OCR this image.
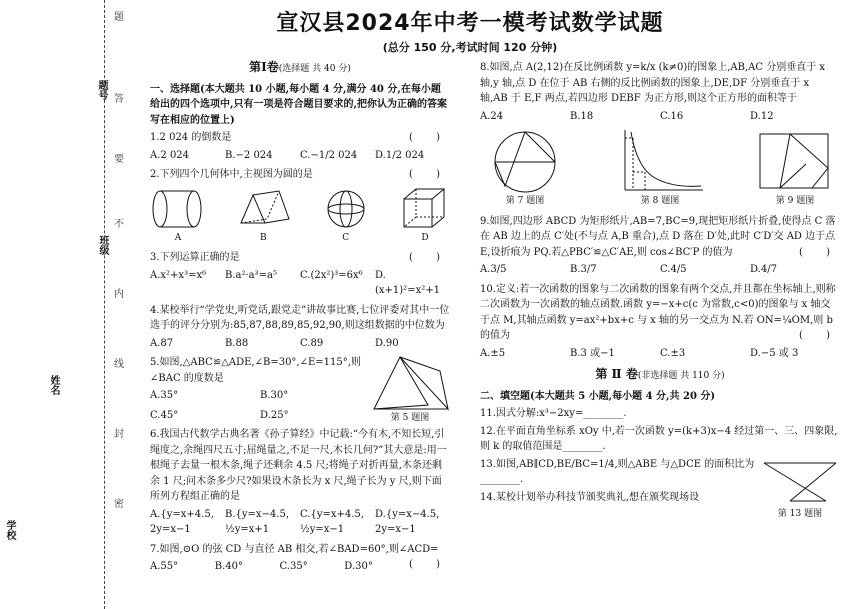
学校
姓名
班级
题号
题
答
要
不
内
线
封
密
宣汉县2024年中考一模考试数学试题
(总分 150 分,考试时间 120 分钟)
第Ⅰ卷(选择题 共 40 分)

一、选择题(本大题共 10 小题,每小题 4 分,满分 40 分,在每小题给出的四个选项中,只有一项是符合题目要求的,把你认为正确的答案写在相应的位置上)

1.2 024 的倒数是	( )

A.2 024	B.−2 024	C.−1/2 024	D.1/2 024

2.下列四个几何体中,主视图为圆的是	( )

A	B	C	D

3.下列运算正确的是	( )

A.x²+x³=x⁶	B.a²·a³=a⁵	C.(2x²)³=6x⁶	D.(x+1)²=x²+1

4.某校举行“学党史,听党话,跟党走”讲故事比赛,七位评委对其中一位选手的评分分别为:85,87,88,89,85,92,90,则这组数据的中位数为

A.87	B.88	C.89	D.90

5.如图,△ABC≌△ADE,∠B=30°,∠E=115°,则∠BAC 的度数是

A.35°	B.30°
C.45°	D.25°	第 5 题图

6.我国古代数学古典名著《孙子算经》中记载:“今有木,不知长短,引绳度之,余绳四尺五寸;屈绳量之,不足一尺,木长几何?”其大意是:用一根绳子去量一根木条,绳子还剩余 4.5 尺;将绳子对折再量,木条还剩余 1 尺;问木条多少尺?如果设木条长为 x 尺,绳子长为 y 尺,则下面所列方程组正确的是

A.{y=x+4.5, 2y=x−1
B.{y=x−4.5, ½y=x+1
C.{y=x+4.5, ½y=x−1
D.{y=x−4.5, 2y=x−1

7.如图,⊙O 的弦 CD 与直径 AB 相交,若∠BAD=60°,则∠ACD=
( )

A.55°	B.40°	C.35°	D.30°

8.如图,点 A(2,12)在反比例函数 y=k/x (k≠0)的图象上,AB,AC 分别垂直于 x 轴,y 轴,点 D 在位于 AB 右侧的反比例函数的图象上,DE,DF 分别垂直于 x 轴,AB 于 E,F 两点,若四边形 DEBF 为正方形,则这个正方形的面积等于

A.24	B.18	C.16	D.12
第 7 题图	第 8 题图	第 9 题图

9.如图,四边形 ABCD 为矩形纸片,AB=7,BC=9,现把矩形纸片折叠,使得点 C 落在 AB 边上的点 C′处(不与点 A,B 重合),点 D 落在 D′处,此时 C′D′交 AD 边于点 E,设折痕为 PQ.若△PBC′≌△C′AE,则 cos∠BC′P 的值为	( )

A.3/5	B.3/7	C.4/5	D.4/7

10.定义:若一次函数的图象与二次函数的图象有两个交点,并且都在坐标轴上,则称二次函数为一次函数的轴点函数.函数 y=−x+c(c 为常数,c<0)的图象与 x 轴交于点 M,其轴点函数 y=ax²+bx+c 与 x 轴的另一交点为 N.若 ON=¼OM,则 b 的值为	( )

A.±5	B.3 或−1	C.±3	D.−5 或 3
第 Ⅱ 卷(非选择题 共 110 分)

二、填空题(本大题共 5 小题,每小题 4 分,共 20 分)

11.因式分解:x³−2xy=________.

12.在平面直角坐标系 xOy 中,若一次函数 y=(k+3)x−4 经过第一、三、四象限,则 k 的取值范围是________.

13.如图,AB∥CD,BE/BC=1/4,则△ABE 与△DCE 的面积比为________.

14.某校计划举办科技节颁奖典礼,想在颁奖现场设

第 13 题图
